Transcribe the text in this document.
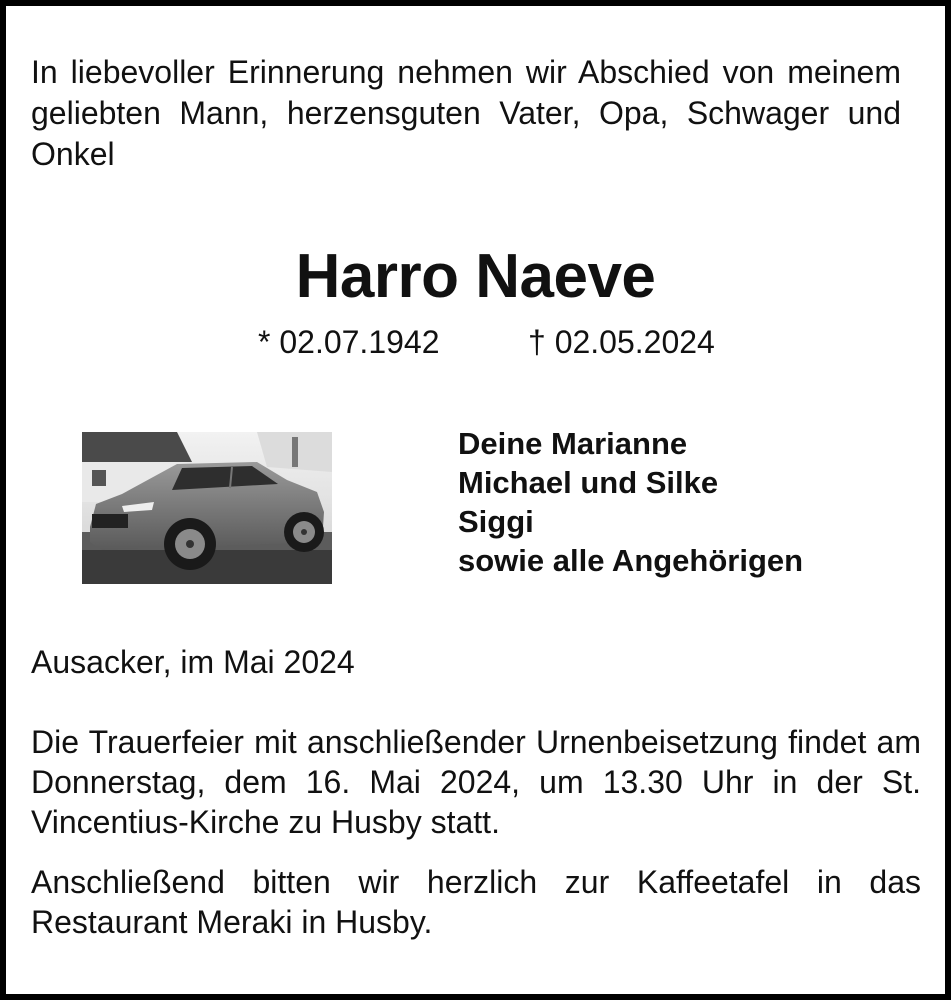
In liebevoller Erinnerung nehmen wir Abschied von meinem geliebten Mann, herzensguten Vater, Opa, Schwager und Onkel

Harro Naeve
* 02.07.1942	† 02.05.2024
Deine Marianne
Michael und Silke
Siggi
sowie alle Angehörigen

Ausacker, im Mai 2024

Die Trauerfeier mit anschließender Urnenbeisetzung findet am Donnerstag, dem 16. Mai 2024, um 13.30 Uhr in der St. Vincentius-Kirche zu Husby statt.

Anschließend bitten wir herzlich zur Kaffeetafel in das Restaurant Meraki in Husby.
